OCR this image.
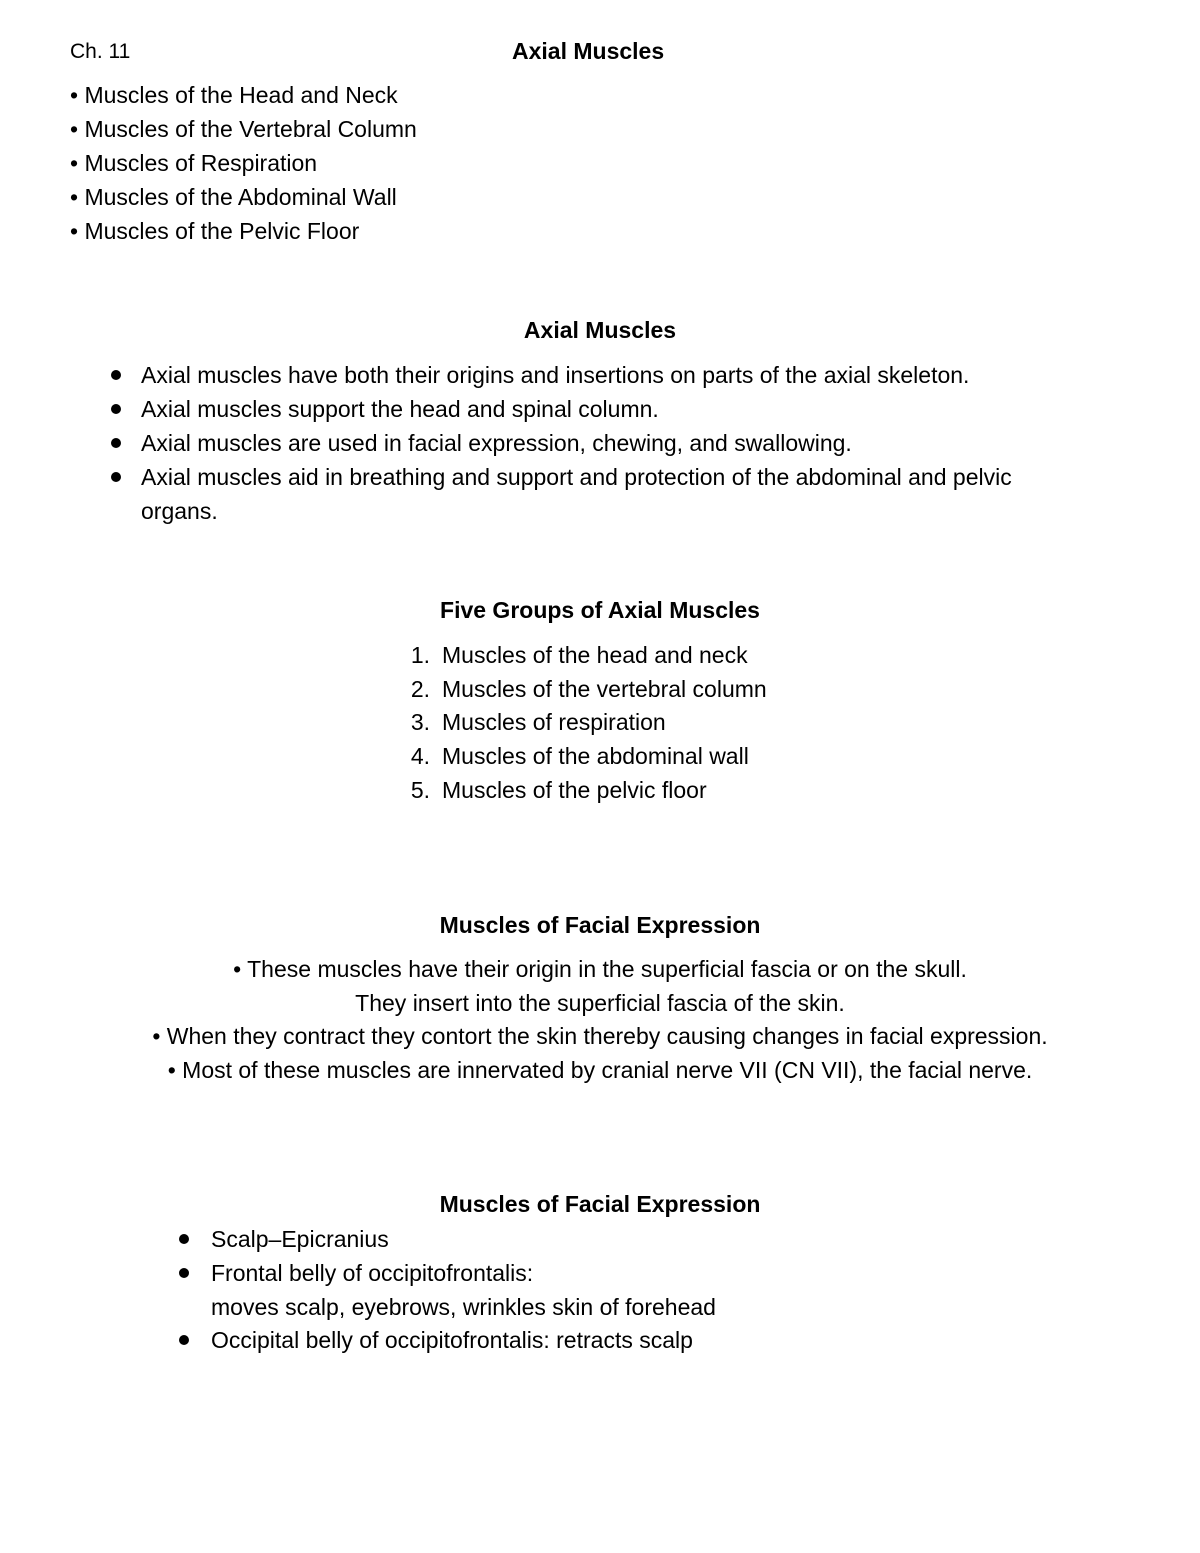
Ch. 11	Axial Muscles
• Muscles of the Head and Neck
• Muscles of the Vertebral Column
• Muscles of Respiration
• Muscles of the Abdominal Wall
• Muscles of the Pelvic Floor
Axial Muscles
Axial muscles have both their origins and insertions on parts of the axial skeleton.
Axial muscles support the head and spinal column.
Axial muscles are used in facial expression, chewing, and swallowing.
Axial muscles aid in breathing and support and protection of the abdominal and pelvic
organs.
Five Groups of Axial Muscles
1. Muscles of the head and neck
2. Muscles of the vertebral column
3. Muscles of respiration
4. Muscles of the abdominal wall
5. Muscles of the pelvic floor
Muscles of Facial Expression
• These muscles have their origin in the superficial fascia or on the skull.
They insert into the superficial fascia of the skin.
• When they contract they contort the skin thereby causing changes in facial expression.
• Most of these muscles are innervated by cranial nerve VII (CN VII), the facial nerve.
Muscles of Facial Expression
Scalp–Epicranius
Frontal belly of occipitofrontalis:
moves scalp, eyebrows, wrinkles skin of forehead
Occipital belly of occipitofrontalis: retracts scalp
